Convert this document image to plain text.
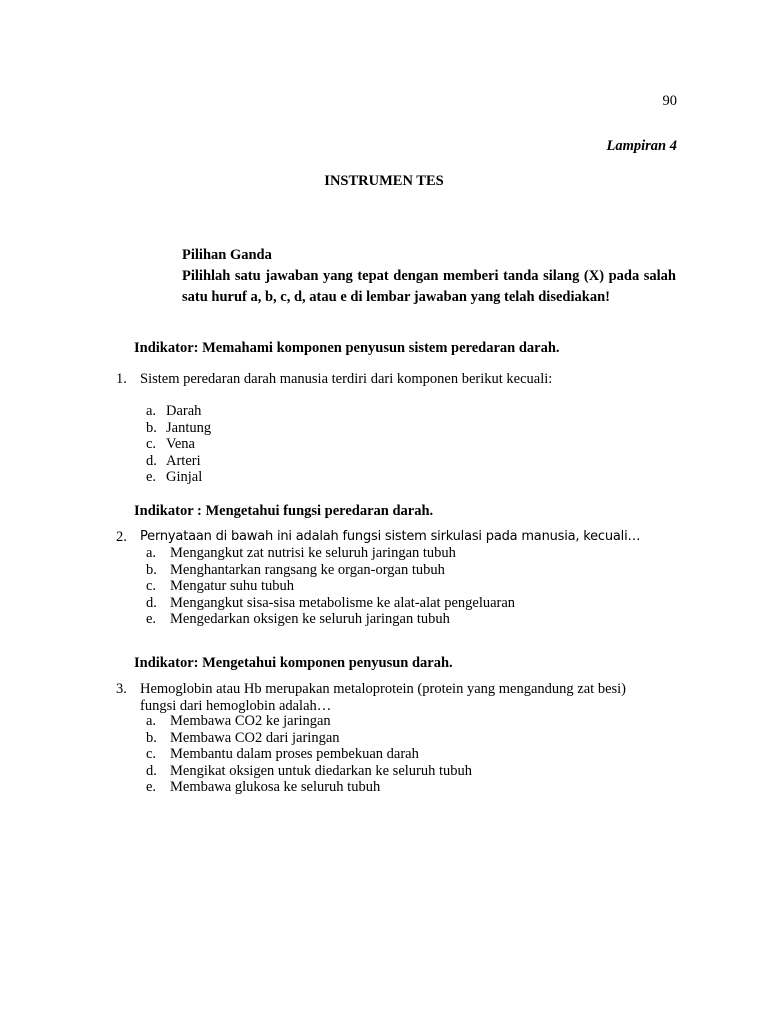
90
Lampiran 4
INSTRUMEN TES
Pilihan Ganda
Pilihlah satu jawaban yang tepat dengan memberi tanda silang (X) pada salah satu huruf a, b, c, d, atau e di lembar jawaban yang telah disediakan!
Indikator: Memahami komponen penyusun sistem peredaran darah.
1. Sistem peredaran darah manusia terdiri dari komponen berikut kecuali:
a. Darah
b. Jantung
c. Vena
d. Arteri
e. Ginjal
Indikator : Mengetahui fungsi peredaran darah.
2. Pernyataan di bawah ini adalah fungsi sistem sirkulasi pada manusia, kecuali…
a. Mengangkut zat nutrisi ke seluruh jaringan tubuh
b. Menghantarkan rangsang ke organ-organ tubuh
c. Mengatur suhu tubuh
d. Mengangkut sisa-sisa metabolisme ke alat-alat pengeluaran
e. Mengedarkan oksigen ke seluruh jaringan tubuh
Indikator: Mengetahui komponen penyusun darah.
3. Hemoglobin atau Hb merupakan metaloprotein (protein yang mengandung zat besi)
fungsi dari hemoglobin adalah…
a. Membawa CO2 ke jaringan
b. Membawa CO2 dari jaringan
c. Membantu dalam proses pembekuan darah
d. Mengikat oksigen untuk diedarkan ke seluruh tubuh
e. Membawa glukosa ke seluruh tubuh
